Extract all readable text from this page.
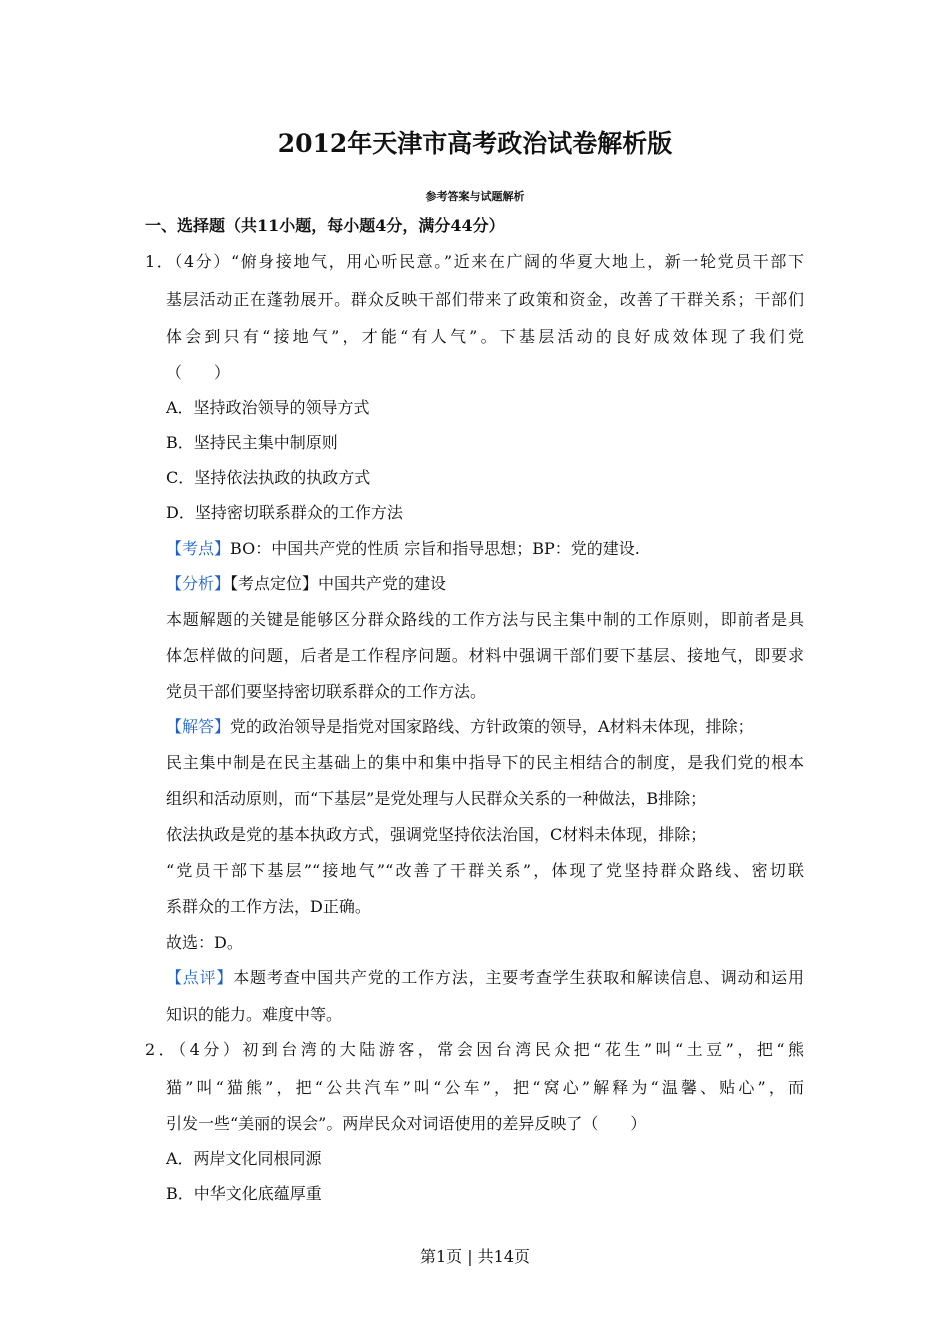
2012年天津市高考政治试卷解析版
参考答案与试题解析
一、选择题（共11小题，每小题4分，满分44分）
1．（4分）“俯身接地气，用心听民意。”近来在广阔的华夏大地上，新一轮党员干部下
基层活动正在蓬勃展开。群众反映干部们带来了政策和资金，改善了干群关系；干部们
体会到只有“接地气”，才能“有人气”。下基层活动的良好成效体现了我们党
（　　）
A．坚持政治领导的领导方式
B．坚持民主集中制原则
C．坚持依法执政的执政方式
D．坚持密切联系群众的工作方法
【考点】BO：中国共产党的性质 宗旨和指导思想；BP：党的建设.
【分析】【考点定位】中国共产党的建设
本题解题的关键是能够区分群众路线的工作方法与民主集中制的工作原则，即前者是具
体怎样做的问题，后者是工作程序问题。材料中强调干部们要下基层、接地气，即要求
党员干部们要坚持密切联系群众的工作方法。
【解答】党的政治领导是指党对国家路线、方针政策的领导，A材料未体现，排除；
民主集中制是在民主基础上的集中和集中指导下的民主相结合的制度，是我们党的根本
组织和活动原则，而“下基层”是党处理与人民群众关系的一种做法，B排除；
依法执政是党的基本执政方式，强调党坚持依法治国，C材料未体现，排除；
“党员干部下基层”“接地气”“改善了干群关系”，体现了党坚持群众路线、密切联
系群众的工作方法，D正确。
故选：D。
【点评】本题考查中国共产党的工作方法，主要考查学生获取和解读信息、调动和运用
知识的能力。难度中等。
2．（4分）初到台湾的大陆游客，常会因台湾民众把“花生”叫“土豆”，把“熊
猫”叫“猫熊”，把“公共汽车”叫“公车”，把“窝心”解释为“温馨、贴心”，而
引发一些“美丽的误会”。两岸民众对词语使用的差异反映了（　　）
A．两岸文化同根同源
B．中华文化底蕴厚重
第1页 | 共14页
